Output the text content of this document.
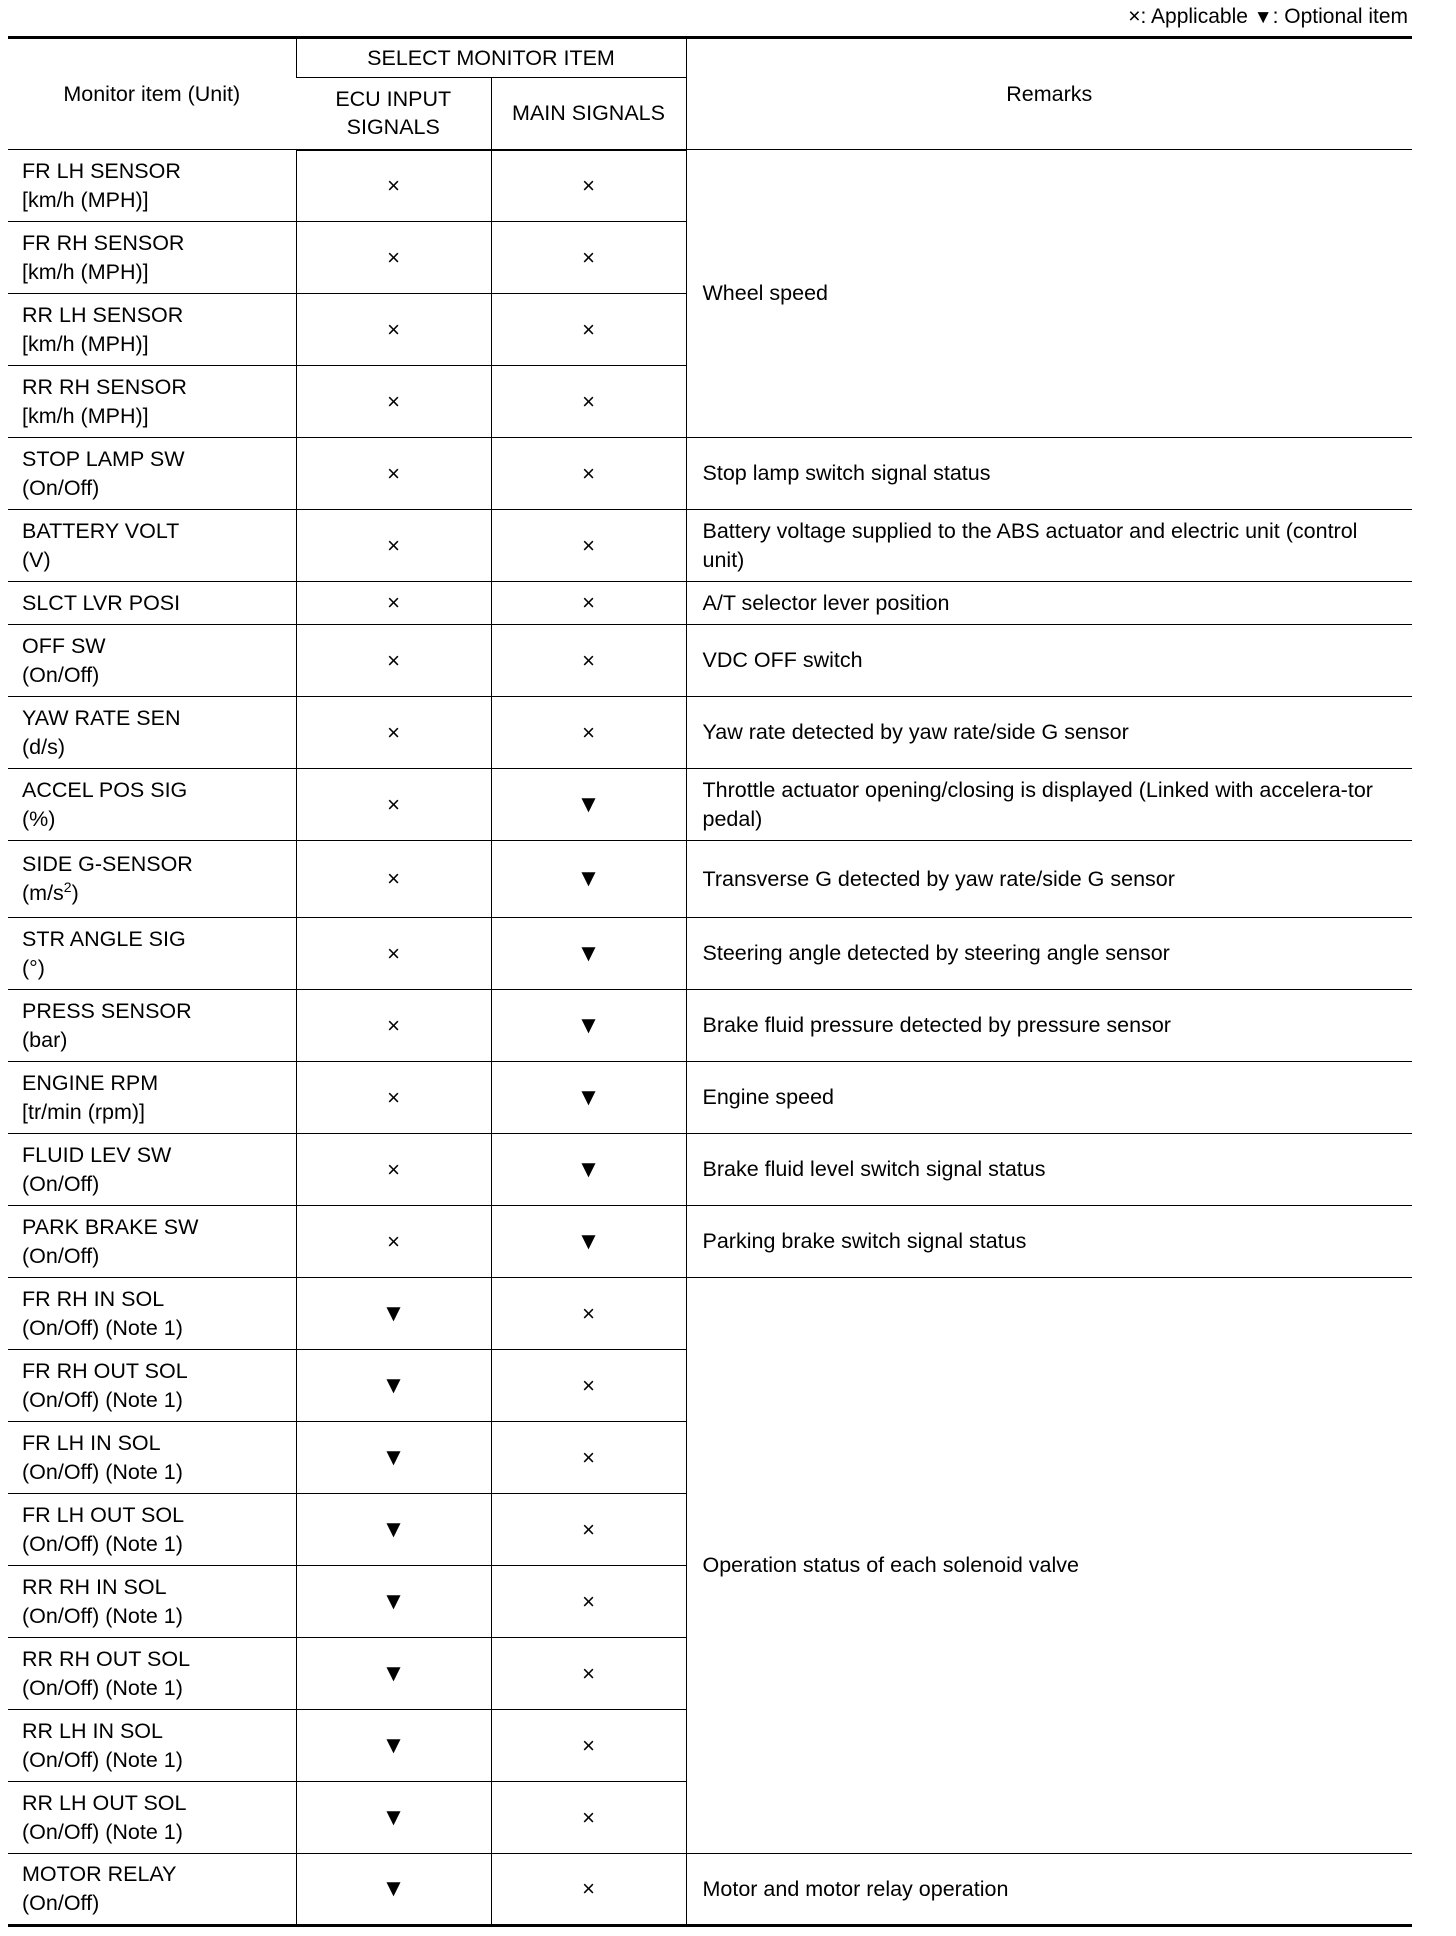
×: Applicable ▼: Optional item
Monitor item (Unit)	SELECT MONITOR ITEM		Remarks
	ECU INPUT SIGNALS	MAIN SIGNALS	

FR LH SENSOR
[km/h (MPH)]	×	×	Wheel speed

FR RH SENSOR
[km/h (MPH)]	×	×	

RR LH SENSOR
[km/h (MPH)]	×	×	

RR RH SENSOR
[km/h (MPH)]	×	×	

STOP LAMP SW
(On/Off)	×	×	Stop lamp switch signal status

BATTERY VOLT
(V)	×	×	Battery voltage supplied to the ABS actuator and electric unit (control unit)

SLCT LVR POSI	×	×	A/T selector lever position

OFF SW
(On/Off)	×	×	VDC OFF switch

YAW RATE SEN
(d/s)	×	×	Yaw rate detected by yaw rate/side G sensor

ACCEL POS SIG
(%)	×	▼	Throttle actuator opening/closing is displayed (Linked with accelera-tor pedal)

SIDE G-SENSOR
$(m/s^2)$	×	▼	Transverse G detected by yaw rate/side G sensor

STR ANGLE SIG
(°)	×	▼	Steering angle detected by steering angle sensor

PRESS SENSOR
(bar)	×	▼	Brake fluid pressure detected by pressure sensor

ENGINE RPM
[tr/min (rpm)]	×	▼	Engine speed

FLUID LEV SW
(On/Off)	×	▼	Brake fluid level switch signal status

PARK BRAKE SW
(On/Off)	×	▼	Parking brake switch signal status

FR RH IN SOL
(On/Off) (Note 1)	▼	×	Operation status of each solenoid valve

FR RH OUT SOL
(On/Off) (Note 1)	▼	×	

FR LH IN SOL
(On/Off) (Note 1)	▼	×	

FR LH OUT SOL
(On/Off) (Note 1)	▼	×	

RR RH IN SOL
(On/Off) (Note 1)	▼	×	

RR RH OUT SOL
(On/Off) (Note 1)	▼	×	

RR LH IN SOL
(On/Off) (Note 1)	▼	×	

RR LH OUT SOL
(On/Off) (Note 1)	▼	×	

MOTOR RELAY
(On/Off)	▼	×	Motor and motor relay operation
